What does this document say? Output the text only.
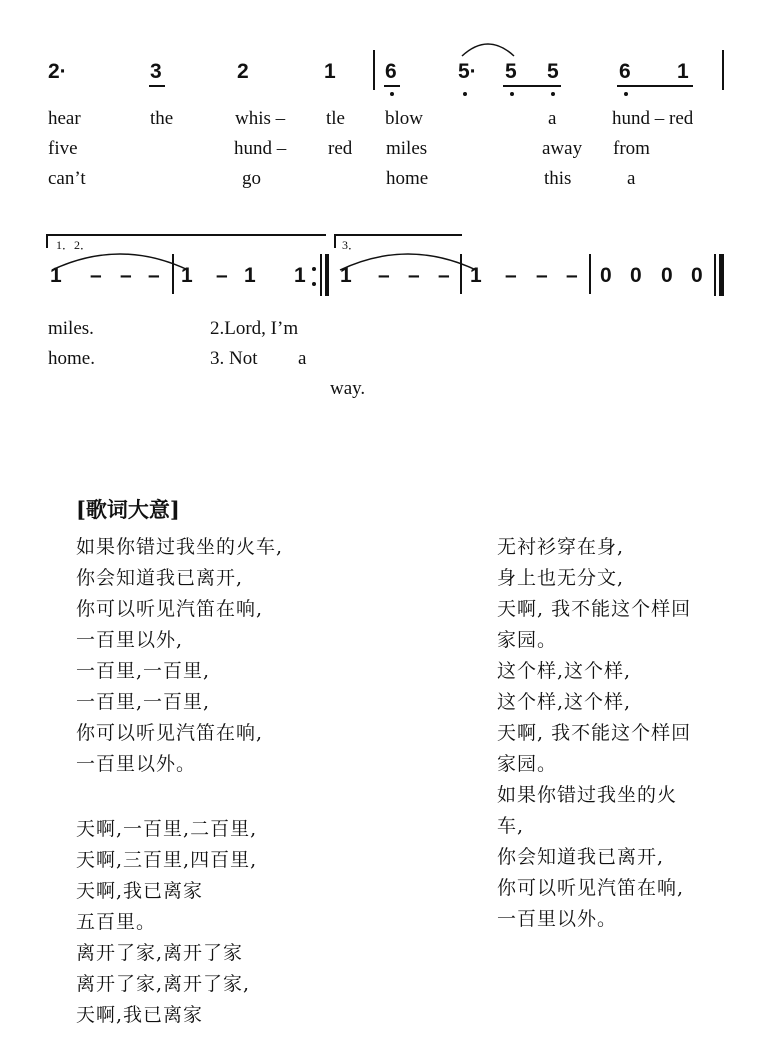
2·	3	2	1 6	5· 5 5	6 1
hear	the	whis – tle blow	a	hund – red
five	hund – red miles	away from
can’t	go	home	this	a
1．2．	3．
1 – – – 1 – 1 1 1 – – – 1 – – – 0 0 0 0
miles.	2.Lord, I’m
home.	3. Not a
way.
[歌词大意]
如果你错过我坐的火车,
你会知道我已离开,
你可以听见汽笛在响,
一百里以外,
一百里,一百里,
一百里,一百里,
你可以听见汽笛在响,
一百里以外。
天啊,一百里,二百里,
天啊,三百里,四百里,
天啊,我已离家
五百里。
离开了家,离开了家
离开了家,离开了家,
天啊,我已离家
无衬衫穿在身,
身上也无分文,
天啊, 我不能这个样回
家园。
这个样,这个样,
这个样,这个样,
天啊, 我不能这个样回
家园。
如果你错过我坐的火
车,
你会知道我已离开,
你可以听见汽笛在响,
一百里以外。
